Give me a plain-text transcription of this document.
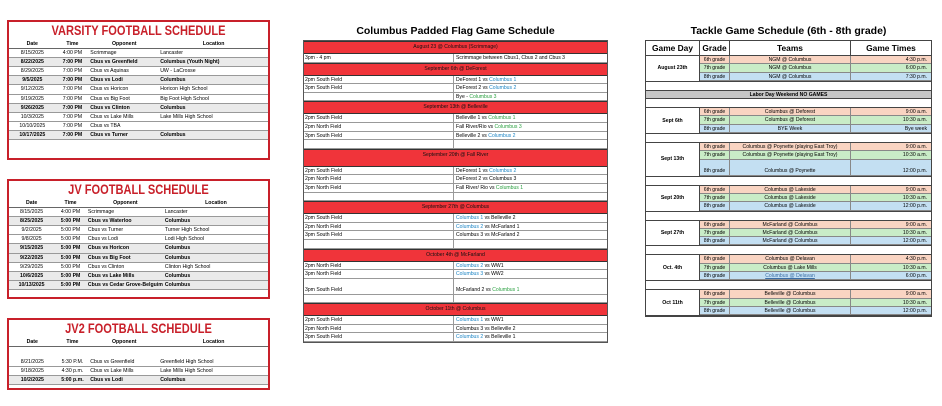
VARSITY FOOTBALL SCHEDULE
Date	Time	Opponent	Location
8/15/2025	4:00 PM	Scrimmage	Lancaster
8/22/2025	7:00 PM	Cbus vs Greenfield	Columbus (Youth Night)
8/29/2025	7:00 PM	Cbus vs Aquinas	UW - LaCrosse
9/5/2025	7:00 PM	Cbus vs Lodi	Columbus
9/12/2025	7:00 PM	Cbus vs Horicon	Horicon High School
9/19/2025	7:00 PM	Cbus vs Big Foot	Big Foot High School
9/26/2025	7:00 PM	Cbus vs Clinton	Columbus
10/3/2025	7:00 PM	Cbus vs Lake Mills	Lake Mills High School
10/10/2025	7:00 PM	Cbus vs TBA	
10/17/2025	7:00 PM	Cbus vs Turner	Columbus
JV FOOTBALL SCHEDULE
Date	Time	Opponent	Location
8/15/2025	4:00 PM	Scrimmage	Lancaster
8/25/2025	5:00 PM	Cbus vs Waterloo	Columbus
9/2/2025	5:00 PM	Cbus vs Turner	Turner High School
9/8/2025	5:00 PM	Cbus vs Lodi	Lodi High School
9/15/2025	5:00 PM	Cbus vs Horicon	Columbus
9/22/2025	5:00 PM	Cbus vs Big Foot	Columbus
9/29/2025	5:00 PM	Cbus vs Clinton	Clinton High School
10/6/2025	5:00 PM	Cbus vs Lake Mills	Columbus
10/13/2025	5:00 PM	Cbus vs Cedar Grove-Belguim	Columbus
JV2 FOOTBALL SCHEDULE
Date	Time	Opponent	Location

8/21/2025	5:30 P.M.	Cbus vs Greenfield	Greenfield High School
9/18/2025	4:30 p.m.	Cbus vs Lake Mills	Lake Mills High School
10/2/2025	5:00 p.m.	Cbus vs Lodi	Columbus
Columbus Padded Flag Game Schedule
August 23 @ Columbus (Scrimmage)
3pm - 4 pm	Scrimmage between Cbus1, Cbus 2 and Cbus 3
September 6th @ DeForest
2pm South Field	DeForest 1 vs Columbus 1
3pm South Field	DeForest 2 vs Columbus 2
Bye - Columbus 3
September 13th @ Belleville
2pm South Field	Belleville 1 vs Columbus 1
2pm North Field	Fall River/Rio vs Columbus 3
3pm South Field	Belleville 2 vs Columbus 2
September 20th @ Fall River
2pm South Field	DeForest 1 vs Columbus 2
2pm North Field	DeForest 2 vs Columbus 3
3pm North Field	Fall River/ Rio vs Columbus 1
September 27th @ Columbus
2pm South Field	Columbus 1 vs Belleville 2
2pm North Field	Columbus 2 vs McFarland 1
3pm South Field	Columbus 3 vs McFarland 2
October 4th @ McFarland
2pm North Field	Columbus 2 vs WW1
3pm North Field	Columbus 3 vs WW2
3pm South Field	McFarland 2 vs Columbus 1
October 11th @ Columbus
2pm South Field	Columbus 1 vs WW1
2pm North Field	Columbus 3 vs Belleville 2
3pm South Field	Columbus 2 vs Belleville 1
Tackle Game Schedule (6th - 8th grade)
Game Day	Grade	Teams	Game Times
August 23th
6th grade	NGM @ Columbus	4:30 p.m.
7th grade	NGM @ Columbus	6:00 p.m.
8th grade	NGM @ Columbus	7:30 p.m.
Labor Day Weekend NO GAMES
Sept 6th
6th grade	Columbus @ Deforest	9:00 a.m.
7th grade	Columbus @ Deforest	10:30 a.m.
8th grade	BYE Week	Bye week
Sept 13th
6th grade	Columbus @ Poynette (playing East Troy)	9:00 a.m.
7th grade	Columbus @ Poynette (playing East Troy)	10:30 a.m.
8th grade	Columbus @ Poynette	12:00 p.m.
Sept 20th
6th grade	Columbus @ Lakeside	9:00 a.m.
7th grade	Columbus @ Lakeside	10:30 a.m.
8th grade	Columbus @ Lakeside	12:00 p.m.
Sept 27th
6th grade	McFarland @ Columbus	9:00 a.m.
7th grade	McFarland @ Columbus	10:30 a.m.
8th grade	McFarland @ Columbus	12:00 p.m.
Oct. 4th
6th grade	Columbus @ Delavan	4:30 p.m.
7th grade	Columbus @ Lake Mills	10:30 a.m.
8th grade	Columbus @ Delavan	6:00 p.m.
Oct 11th
6th grade	Belleville @ Columbus	9:00 a.m.
7th grade	Belleville @ Columbus	10:30 a.m.
8th grade	Belleville @ Columbus	12:00 p.m.
